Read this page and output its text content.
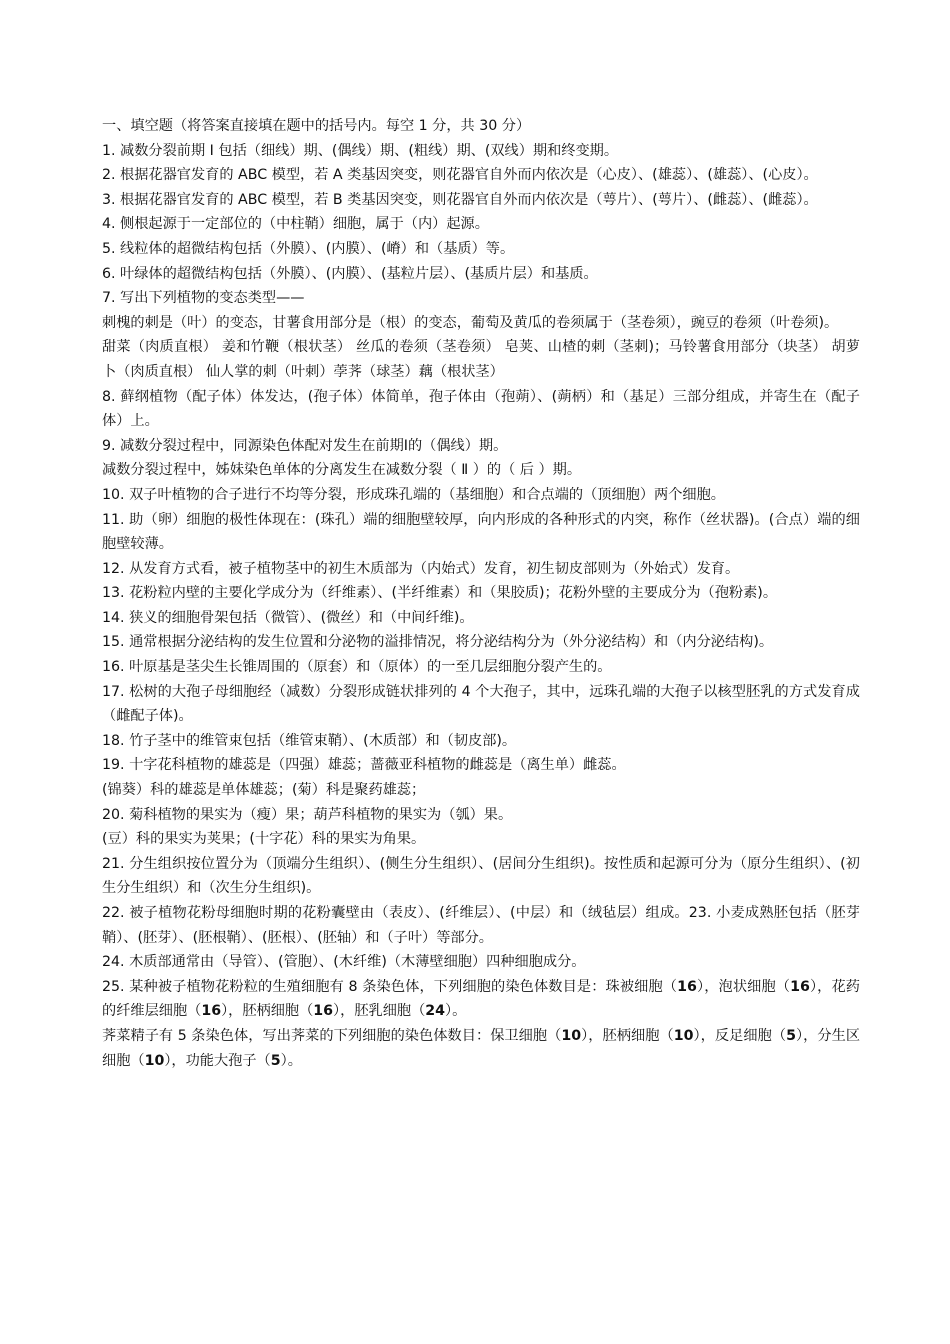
一、填空题（将答案直接填在题中的括号内。每空 1 分，共 30 分）

1. 减数分裂前期 I 包括（细线）期、(偶线）期、(粗线）期、(双线）期和终变期。

2. 根据花器官发育的 ABC 模型，若 A 类基因突变，则花器官自外而内依次是（心皮）、(雄蕊）、(雄蕊）、(心皮）。

3. 根据花器官发育的 ABC 模型，若 B 类基因突变，则花器官自外而内依次是（萼片）、(萼片）、(雌蕊）、(雌蕊）。

4. 侧根起源于一定部位的（中柱鞘）细胞，属于（内）起源。

5. 线粒体的超微结构包括（外膜）、(内膜）、(嵴）和（基质）等。

6. 叶绿体的超微结构包括（外膜）、(内膜）、(基粒片层）、(基质片层）和基质。

7. 写出下列植物的变态类型——

刺槐的刺是（叶）的变态，甘薯食用部分是（根）的变态，葡萄及黄瓜的卷须属于（茎卷须），豌豆的卷须（叶卷须)。

甜菜（肉质直根） 姜和竹鞭（根状茎） 丝瓜的卷须（茎卷须） 皂荚、山楂的刺（茎刺)；马铃薯食用部分（块茎） 胡萝卜（肉质直根） 仙人掌的刺（叶刺）荸荠（球茎）藕（根状茎）

8. 藓纲植物（配子体）体发达，(孢子体）体简单，孢子体由（孢蒴）、(蒴柄）和（基足）三部分组成，并寄生在（配子体）上。

9. 减数分裂过程中，同源染色体配对发生在前期Ⅰ的（偶线）期。

减数分裂过程中，姊妹染色单体的分离发生在减数分裂（ Ⅱ ）的（ 后 ）期。

10. 双子叶植物的合子进行不均等分裂，形成珠孔端的（基细胞）和合点端的（顶细胞）两个细胞。

11. 助（卵）细胞的极性体现在：(珠孔）端的细胞壁较厚，向内形成的各种形式的内突，称作（丝状器)。(合点）端的细胞壁较薄。

12. 从发育方式看，被子植物茎中的初生木质部为（内始式）发育，初生韧皮部则为（外始式）发育。

13. 花粉粒内壁的主要化学成分为（纤维素）、(半纤维素）和（果胶质)；花粉外壁的主要成分为（孢粉素)。

14. 狭义的细胞骨架包括（微管）、(微丝）和（中间纤维)。

15. 通常根据分泌结构的发生位置和分泌物的溢排情况，将分泌结构分为（外分泌结构）和（内分泌结构)。

16. 叶原基是茎尖生长锥周围的（原套）和（原体）的一至几层细胞分裂产生的。

17. 松树的大孢子母细胞经（减数）分裂形成链状排列的 4 个大孢子，其中，远珠孔端的大孢子以核型胚乳的方式发育成（雌配子体)。

18. 竹子茎中的维管束包括（维管束鞘）、(木质部）和（韧皮部)。

19. 十字花科植物的雄蕊是（四强）雄蕊；蔷薇亚科植物的雌蕊是（离生单）雌蕊。

(锦葵）科的雄蕊是单体雄蕊；(菊）科是聚药雄蕊；

20. 菊科植物的果实为（瘦）果；葫芦科植物的果实为（瓠）果。

(豆）科的果实为荚果；(十字花）科的果实为角果。

21. 分生组织按位置分为（顶端分生组织）、(侧生分生组织）、(居间分生组织)。按性质和起源可分为（原分生组织）、(初生分生组织）和（次生分生组织)。

22. 被子植物花粉母细胞时期的花粉囊壁由（表皮）、(纤维层）、(中层）和（绒毡层）组成。23. 小麦成熟胚包括（胚芽鞘）、(胚芽）、(胚根鞘）、(胚根）、(胚轴）和（子叶）等部分。

24. 木质部通常由（导管）、(管胞）、(木纤维)（木薄壁细胞）四种细胞成分。

25. 某种被子植物花粉粒的生殖细胞有 8 条染色体，下列细胞的染色体数目是：珠被细胞（16），泡状细胞（16），花药的纤维层细胞（16），胚柄细胞（16），胚乳细胞（24）。

荠菜精子有 5 条染色体，写出荠菜的下列细胞的染色体数目：保卫细胞（10），胚柄细胞（10），反足细胞（5），分生区细胞（10），功能大孢子（5）。
